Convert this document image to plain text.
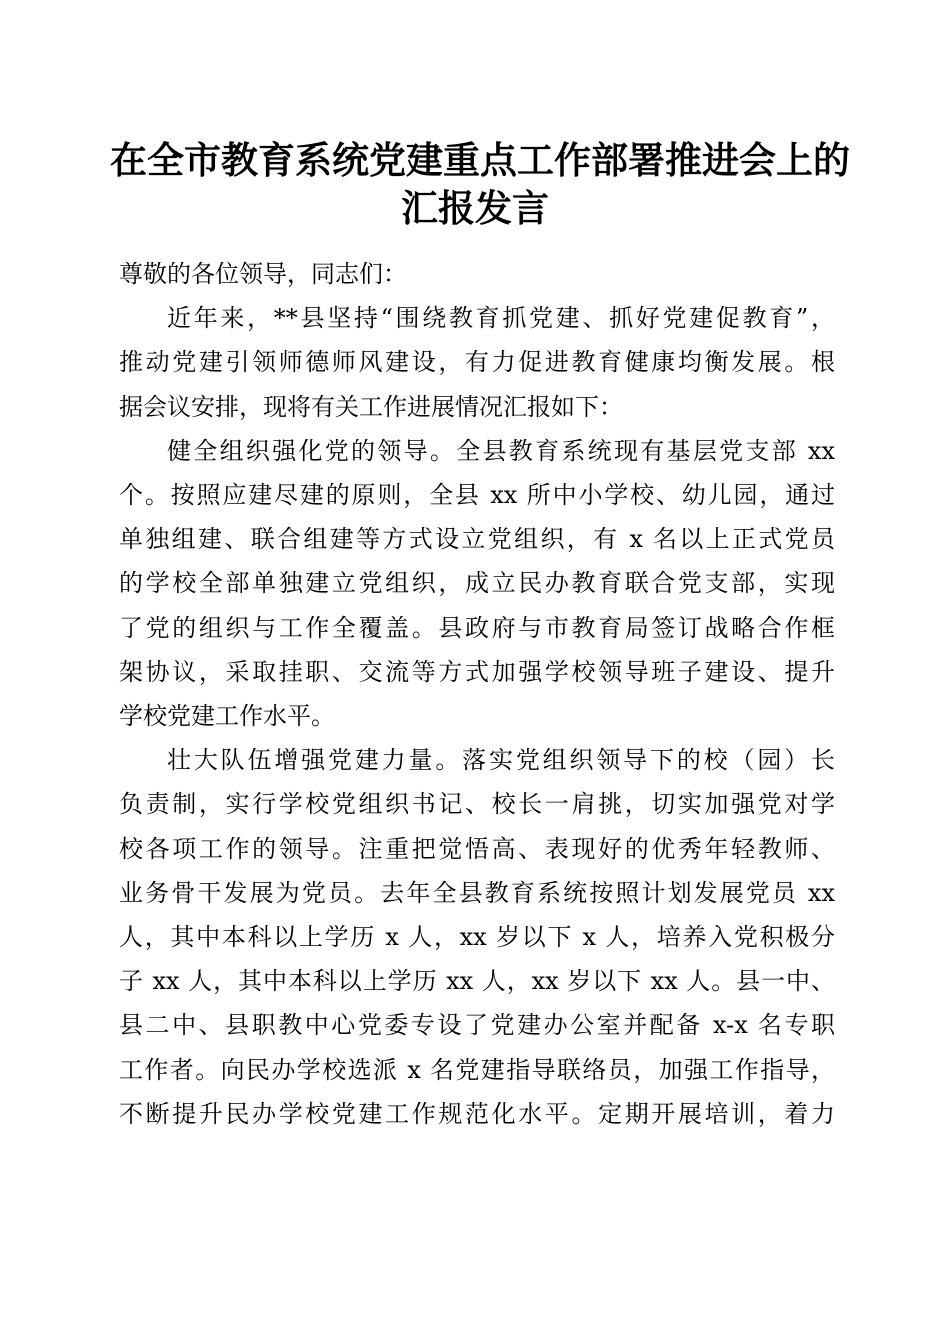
在全市教育系统党建重点工作部署推进会上的
汇报发言

尊敬的各位领导，同志们：

近年来，**县坚持“围绕教育抓党建、抓好党建促教育”，
推动党建引领师德师风建设，有力促进教育健康均衡发展。根
据会议安排，现将有关工作进展情况汇报如下：

健全组织强化党的领导。全县教育系统现有基层党支部 xx
个。按照应建尽建的原则，全县 xx 所中小学校、幼儿园，通过
单独组建、联合组建等方式设立党组织，有 x 名以上正式党员
的学校全部单独建立党组织，成立民办教育联合党支部，实现
了党的组织与工作全覆盖。县政府与市教育局签订战略合作框
架协议，采取挂职、交流等方式加强学校领导班子建设、提升
学校党建工作水平。

壮大队伍增强党建力量。落实党组织领导下的校（园）长
负责制，实行学校党组织书记、校长一肩挑，切实加强党对学
校各项工作的领导。注重把觉悟高、表现好的优秀年轻教师、
业务骨干发展为党员。去年全县教育系统按照计划发展党员 xx
人，其中本科以上学历 x 人，xx 岁以下 x 人，培养入党积极分
子 xx 人，其中本科以上学历 xx 人，xx 岁以下 xx 人。县一中、
县二中、县职教中心党委专设了党建办公室并配备 x-x 名专职
工作者。向民办学校选派 x 名党建指导联络员，加强工作指导，
不断提升民办学校党建工作规范化水平。定期开展培训，着力
